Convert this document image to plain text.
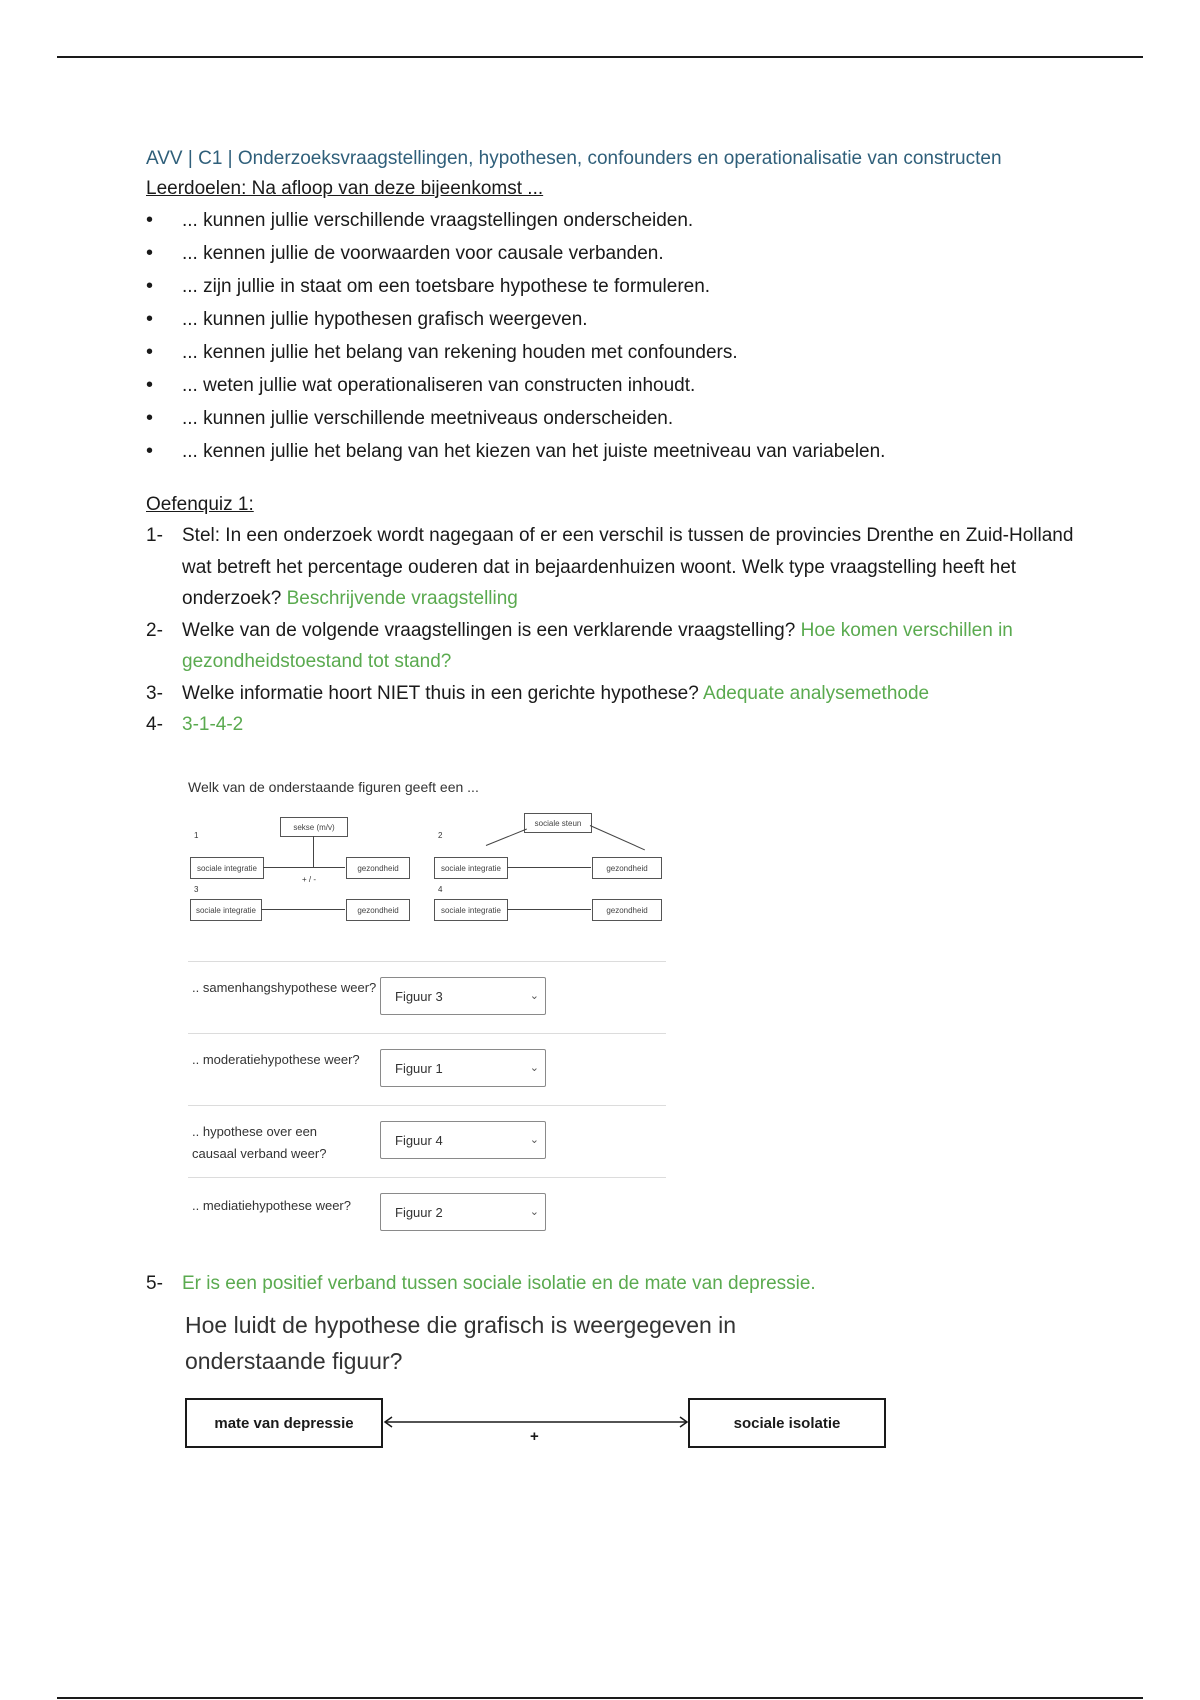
AVV | C1 | Onderzoeksvraagstellingen, hypothesen, confounders en operationalisatie van constructen

Leerdoelen: Na afloop van deze bijeenkomst ...

• ... kunnen jullie verschillende vraagstellingen onderscheiden.
• ... kennen jullie de voorwaarden voor causale verbanden.
• ... zijn jullie in staat om een toetsbare hypothese te formuleren.
• ... kunnen jullie hypothesen grafisch weergeven.
• ... kennen jullie het belang van rekening houden met confounders.
• ... weten jullie wat operationaliseren van constructen inhoudt.
• ... kunnen jullie verschillende meetniveaus onderscheiden.
• ... kennen jullie het belang van het kiezen van het juiste meetniveau van variabelen.

Oefenquiz 1:

1- Stel: In een onderzoek wordt nagegaan of er een verschil is tussen de provincies Drenthe en Zuid-Holland wat betreft het percentage ouderen dat in bejaardenhuizen woont. Welk type vraagstelling heeft het onderzoek? Beschrijvende vraagstelling
2- Welke van de volgende vraagstellingen is een verklarende vraagstelling? Hoe komen verschillen in gezondheidstoestand tot stand?
3- Welke informatie hoort NIET thuis in een gerichte hypothese? Adequate analysemethode
4- 3-1-4-2
Welk van de onderstaande figuren geeft een ...
1
sekse (m/v)
sociale integratie	gezondheid
+ / -
2
sociale steun
sociale integratie	gezondheid
3
sociale integratie	gezondheid
4
sociale integratie	gezondheid
.. samenhangshypothese weer?
Figuur 3	⌄
.. moderatiehypothese weer?
Figuur 1	⌄
.. hypothese over een causaal verband weer?
Figuur 4	⌄
.. mediatiehypothese weer?	Figuur 2	⌄
5- Er is een positief verband tussen sociale isolatie en de mate van depressie.
Hoe luidt de hypothese die grafisch is weergegeven in onderstaande figuur?
mate van depressie
+
sociale isolatie
